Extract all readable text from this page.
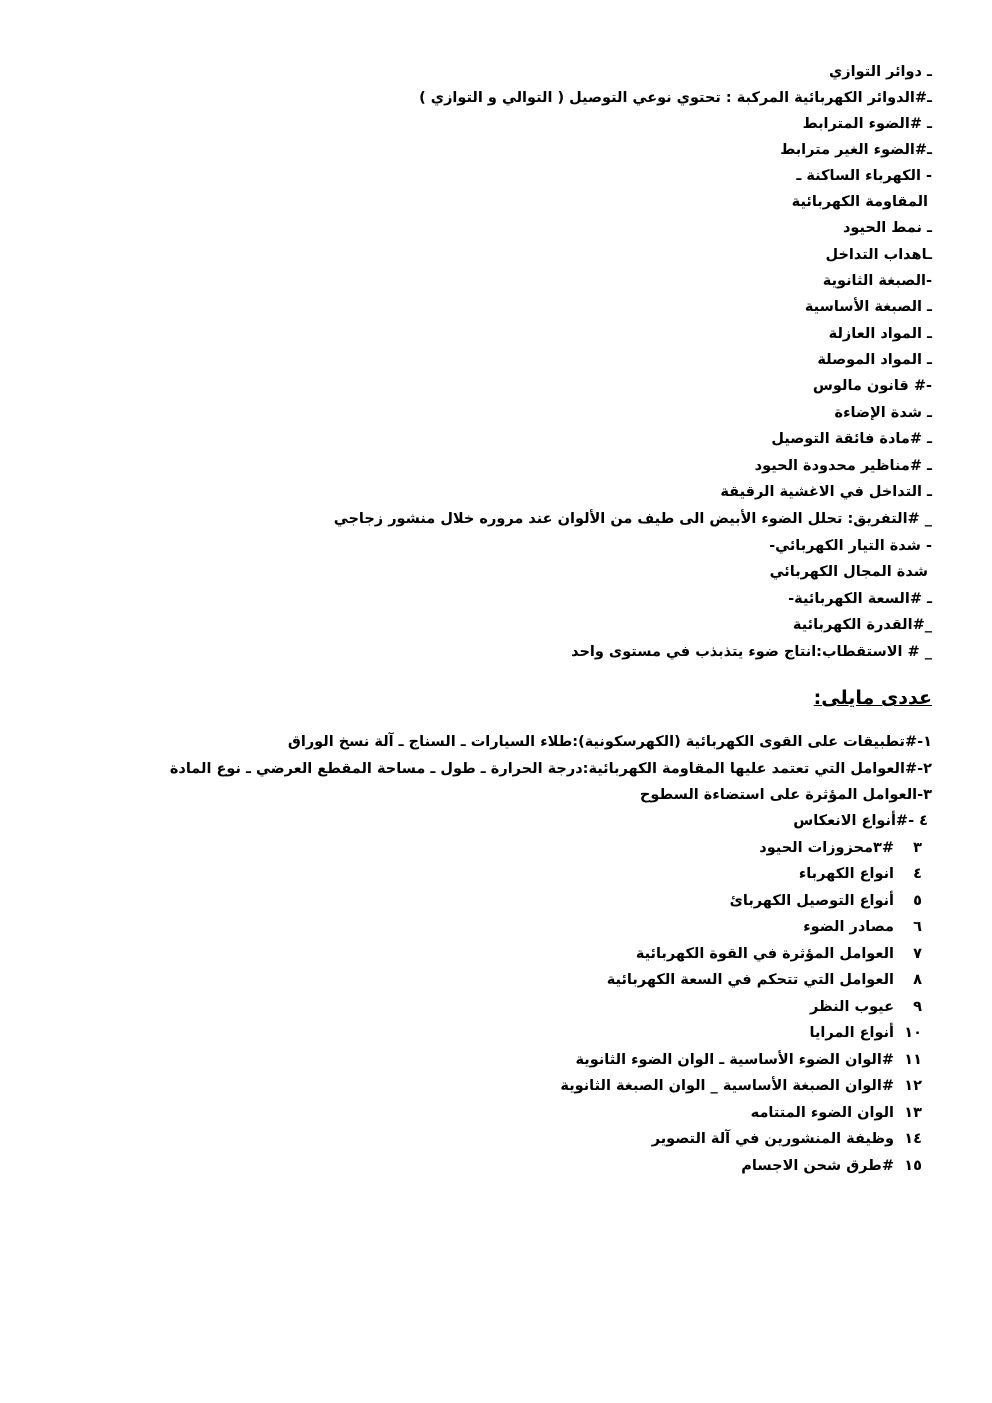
ـ دوائر التوازي
ـ#الدوائر الكهربائية المركبة : تحتوي نوعي التوصيل ( التوالي و التوازي )
ـ #الضوء المترابط
ـ#الضوء الغير مترابط
- الكهرباء الساكنة ـ
المقاومة الكهربائية
ـ نمط الحيود
ـاهداب التداخل
-الصبغة الثانوية
ـ الصبغة الأساسية
ـ المواد العازلة
ـ المواد الموصلة
-# قانون مالوس
ـ شدة الإضاءة
ـ #مادة فائقة التوصيل
ـ #مناظير محدودة الحيود
ـ التداخل في الاغشية الرقيقة
_ #التفريق: تحلل الضوء الأبيض الى طيف من الألوان عند مروره خلال منشور زجاجي
- شدة التيار الكهربائي-
شدة المجال الكهربائي
ـ #السعة الكهربائية-
_#القدرة الكهربائية
_ # الاستقطاب:انتاج ضوء يتذبذب في مستوى واحد
عددى مايلى:
١-#تطبيقات على القوى الكهربائية (الكهرسكونية):طلاء السيارات ـ السناج ـ آلة نسخ الوراق
٢-#العوامل التي تعتمد عليها المقاومة الكهربائية:درجة الحرارة ـ طول ـ مساحة المقطع العرضي ـ نوع المادة
٣-العوامل المؤثرة على استضاءة السطوح
٤ -#أنواع الانعكاس
٣
#٣محزوزات الحيود
٤
انواع الكهرباء
٥
أنواع التوصيل الكهربائ
٦
مصادر الضوء
٧
العوامل المؤثرة في القوة الكهربائية
٨
العوامل التي تتحكم في السعة الكهربائية
٩
عيوب النظر
١٠
أنواع المرايا
١١
#الوان الضوء الأساسية ـ الوان الضوء الثانوية
١٢
#الوان الصبغة الأساسية _ الوان الصبغة الثانوية
١٣
الوان الضوء المتتامه
١٤
وظيفة المنشورين في آلة التصوير
١٥
#طرق شحن الاجسام
